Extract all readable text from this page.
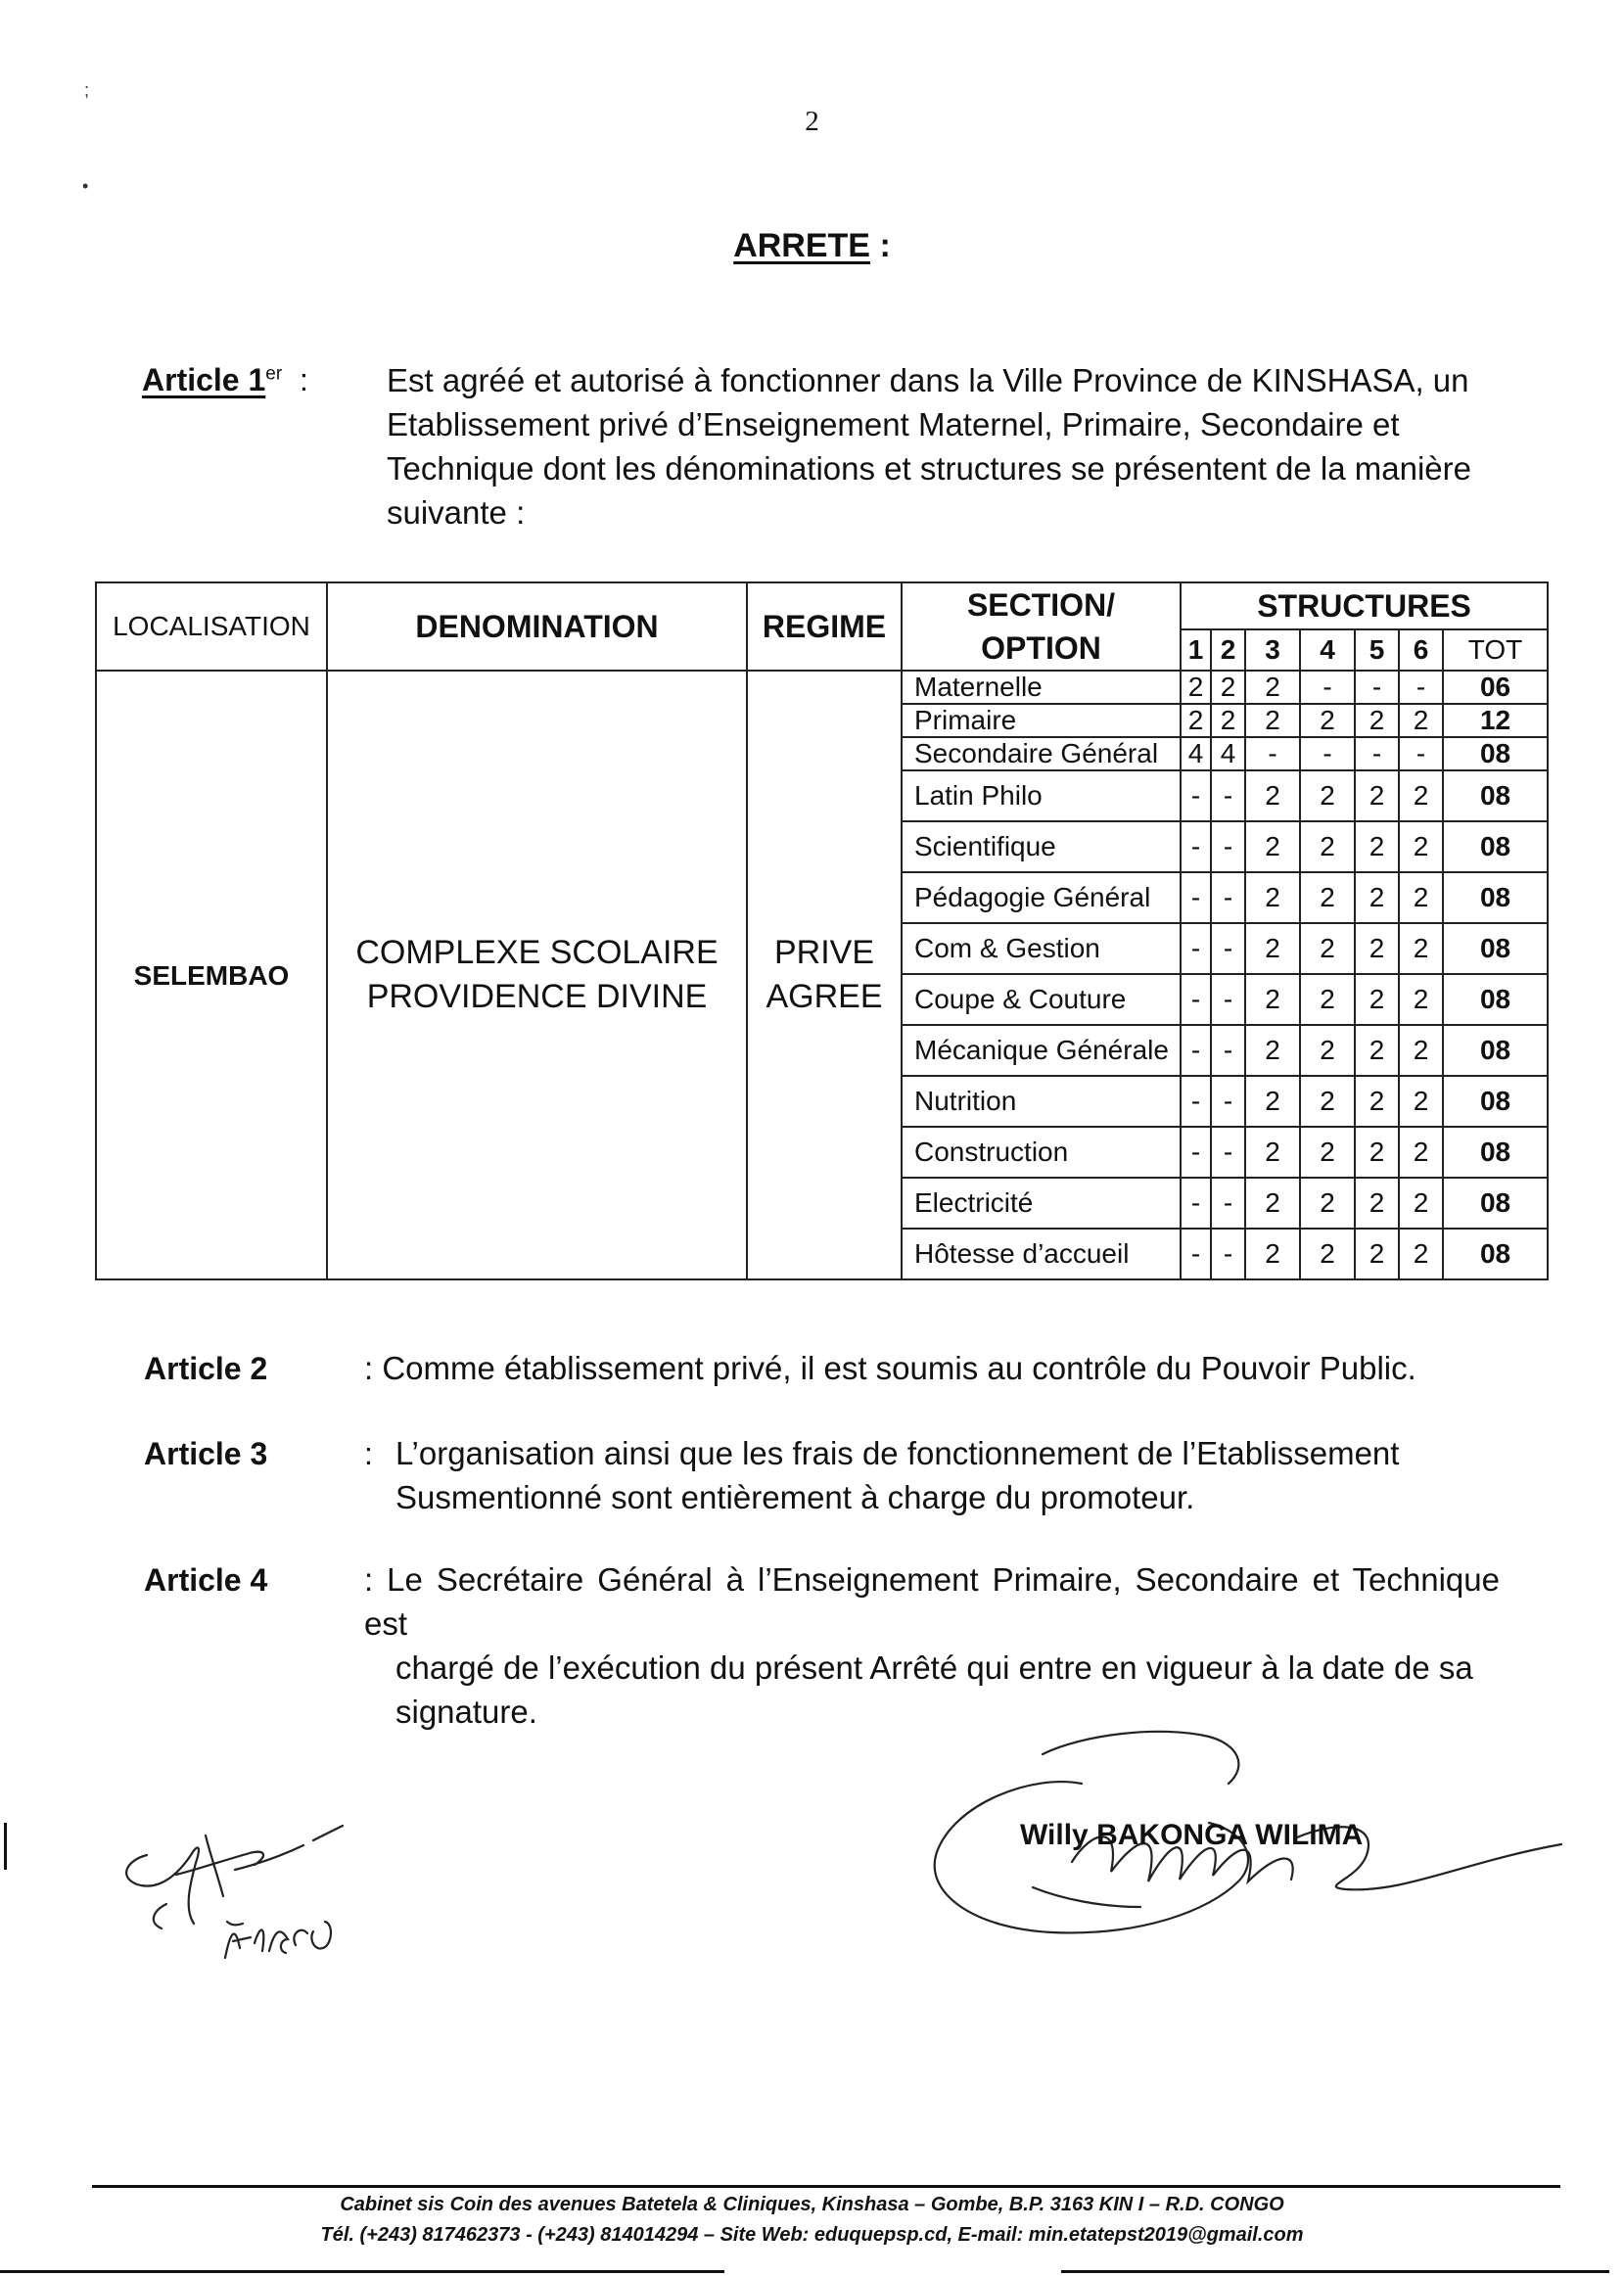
2
;
•
ARRETE :
Article 1er : Est agréé et autorisé à fonctionner dans la Ville Province de KINSHASA, un
Etablissement privé d’Enseignement Maternel, Primaire, Secondaire et
Technique dont les dénominations et structures se présentent de la manière
suivante :
LOCALISATION	DENOMINATION	REGIME	SECTION/
OPTION	STRUCTURES						
				1	2	3	4	5	6	TOT
SELEMBAO	COMPLEXE SCOLAIRE PROVIDENCE DIVINE	PRIVE AGREE	Maternelle	2	2	2	-	-	-	06
			Primaire	2	2	2	2	2	2	12
			Secondaire Général	4	4	-	-	-	-	08
			Latin Philo	-	-	2	2	2	2	08
			Scientifique	-	-	2	2	2	2	08
			Pédagogie Général	-	-	2	2	2	2	08
			Com & Gestion	-	-	2	2	2	2	08
			Coupe & Couture	-	-	2	2	2	2	08
			Mécanique Générale	-	-	2	2	2	2	08
			Nutrition	-	-	2	2	2	2	08
			Construction	-	-	2	2	2	2	08
			Electricité	-	-	2	2	2	2	08
			Hôtesse d’accueil	-	-	2	2	2	2	08
Article 2	: Comme établissement privé, il est soumis au contrôle du Pouvoir Public.
Article 3	: L’organisation ainsi que les frais de fonctionnement de l’Etablissement
Susmentionné sont entièrement à charge du promoteur.
Article 4	: Le Secrétaire Général à l’Enseignement Primaire, Secondaire et Technique est
chargé de l’exécution du présent Arrêté qui entre en vigueur à la date de sa
signature.
Willy BAKONGA WILIMA
Cabinet sis Coin des avenues Batetela & Cliniques, Kinshasa – Gombe, B.P. 3163 KIN I – R.D. CONGO
Tél. (+243) 817462373 - (+243) 814014294 – Site Web: eduquepsp.cd, E-mail: min.etatepst2019@gmail.com
